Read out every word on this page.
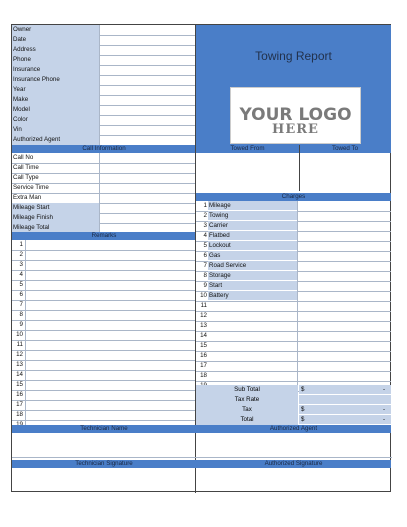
Owner
Date
Address
Phone
Insurance
Insurance Phone
Year
Make
Model
Color
Vin
Authorized Agent
Towing Report
YOUR LOGO
HERE
Call Information	Towed From	Towed To
Call No
Call Time
Call Type
Service Time
Extra Man
Mileage Start
Mileage Finish
Mileage Total
Remarks
1
2
3
4
5
6
7
8
9
10
11
12
13
14
15
16
17
18
Charges
1 Mileage
2 Towing
3 Carrier
4 Flatbed
5 Lockout
6 Gas
7 Road Service
8 Storage
9 Start
10 Battery
11
12
13
14
15
16
17
18
Sub Total	$	-
Tax Rate
Tax	$	-
Total	$	-
Technician Name	Authorized Agent
Technician Signature	Authorized Signature
